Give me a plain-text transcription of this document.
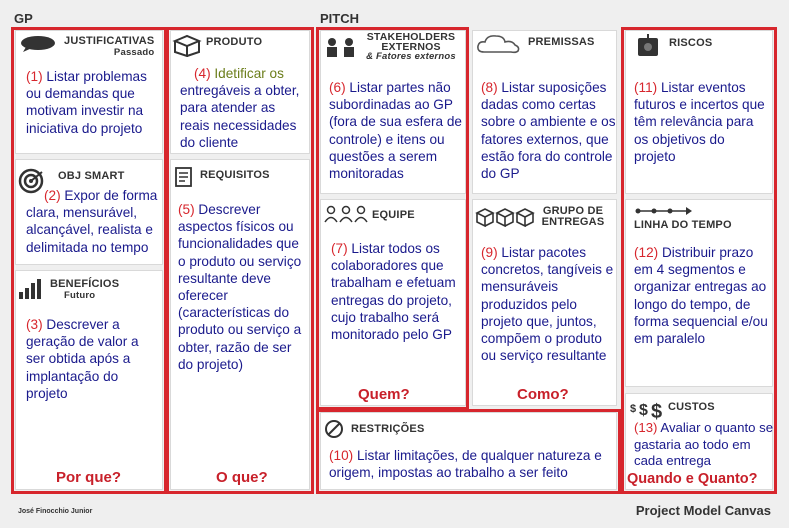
GP	PITCH
JUSTIFICATIVAS
Passado
(1) Listar problemas ou demandas que motivam investir na iniciativa do projeto
OBJ SMART
(2) Expor de forma clara, mensurável, alcançável, realista e delimitada no tempo
BENEFÍCIOS
Futuro
(3) Descrever a geração de valor a ser obtida após a implantação do projeto
PRODUTO
(4) Idetificar os entregáveis a obter, para atender as reais necessidades do cliente
REQUISITOS
(5) Descrever aspectos físicos ou funcionalidades que o produto ou serviço resultante deve oferecer (características do produto ou serviço a obter, razão de ser do projeto)
STAKEHOLDERS EXTERNOS
& Fatores externos
(6) Listar partes não subordinadas ao GP (fora de sua esfera de controle) e itens ou questões a serem monitoradas
EQUIPE
(7) Listar todos os colaboradores que trabalham e efetuam entregas do projeto, cujo trabalho será monitorado pelo GP
PREMISSAS
(8) Listar suposições dadas como certas sobre o ambiente e os fatores externos, que estão fora do controle do GP
GRUPO DE ENTREGAS
(9) Listar pacotes concretos, tangíveis e mensuráveis produzidos pelo projeto que, juntos, compõem o produto ou serviço resultante
RISCOS
(11) Listar eventos futuros e incertos que têm relevância para os objetivos do projeto
LINHA DO TEMPO
(12) Distribuir prazo em 4 segmentos e organizar entregas ao longo do tempo, de forma sequencial e/ou em paralelo
RESTRIÇÕES
(10) Listar limitações, de qualquer natureza e origem, impostas ao trabalho a ser feito
$ $ $ CUSTOS
(13) Avaliar o quanto se gastaria ao todo em cada entrega
Por que?	O que?
Quem?	Como?
Quando e Quanto?
José Finocchio Junior	Project Model Canvas
